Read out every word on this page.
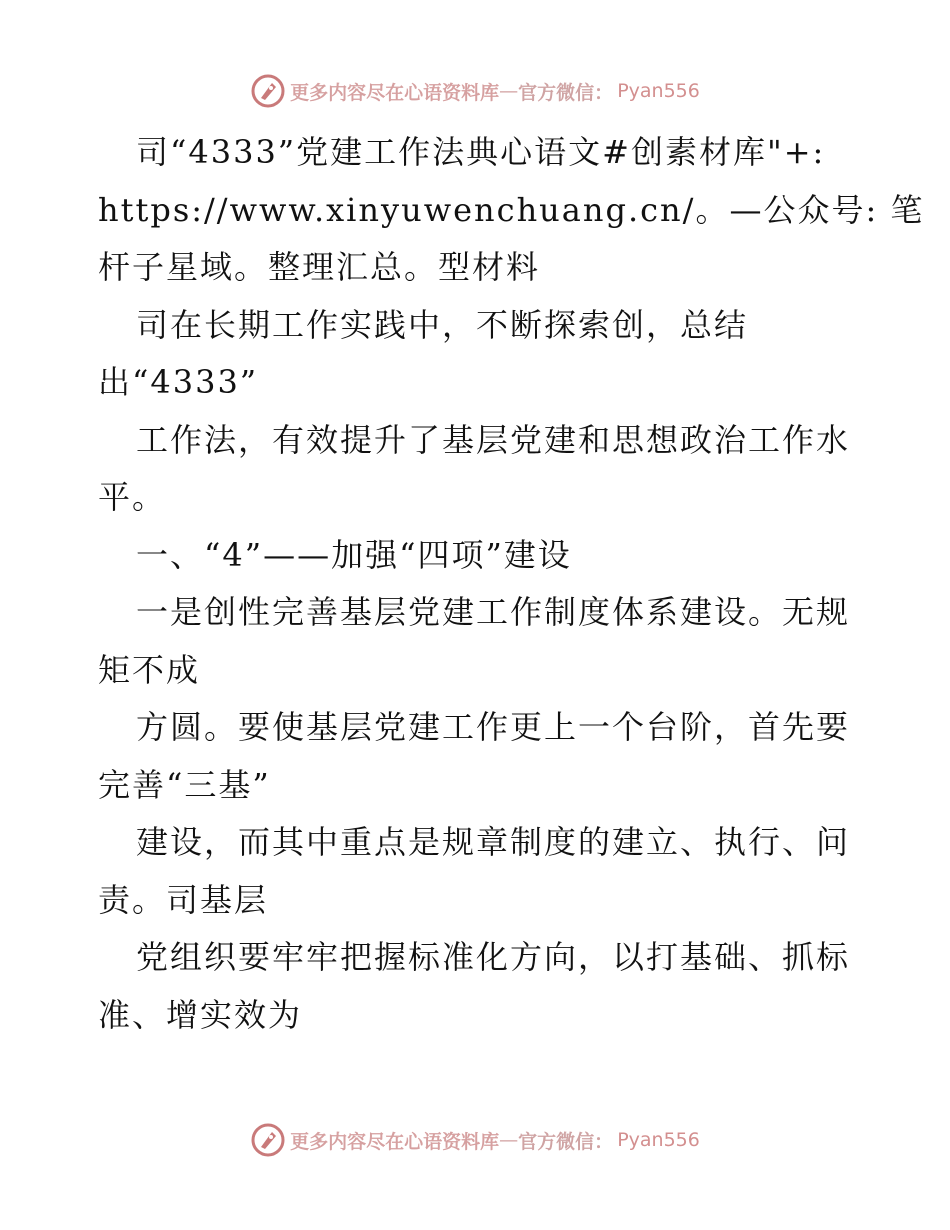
更多内容尽在心语资料库 — 官方微信： Pyan556
司“4333”党建工作法典心语文#创素材库"+:
https://www.xinyuwenchuang.cn/。—公众号: 笔
杆子星域。整理汇总。型材料
司在长期工作实践中，不断探索创，总结
出“4333”
工作法，有效提升了基层党建和思想政治工作水
平。
一、“4”——加强“四项”建设
一是创性完善基层党建工作制度体系建设。无规
矩不成
方圆。要使基层党建工作更上一个台阶，首先要
完善“三基”
建设，而其中重点是规章制度的建立、执行、问
责。司基层
党组织要牢牢把握标准化方向，以打基础、抓标
准、增实效为
更多内容尽在心语资料库 — 官方微信： Pyan556
